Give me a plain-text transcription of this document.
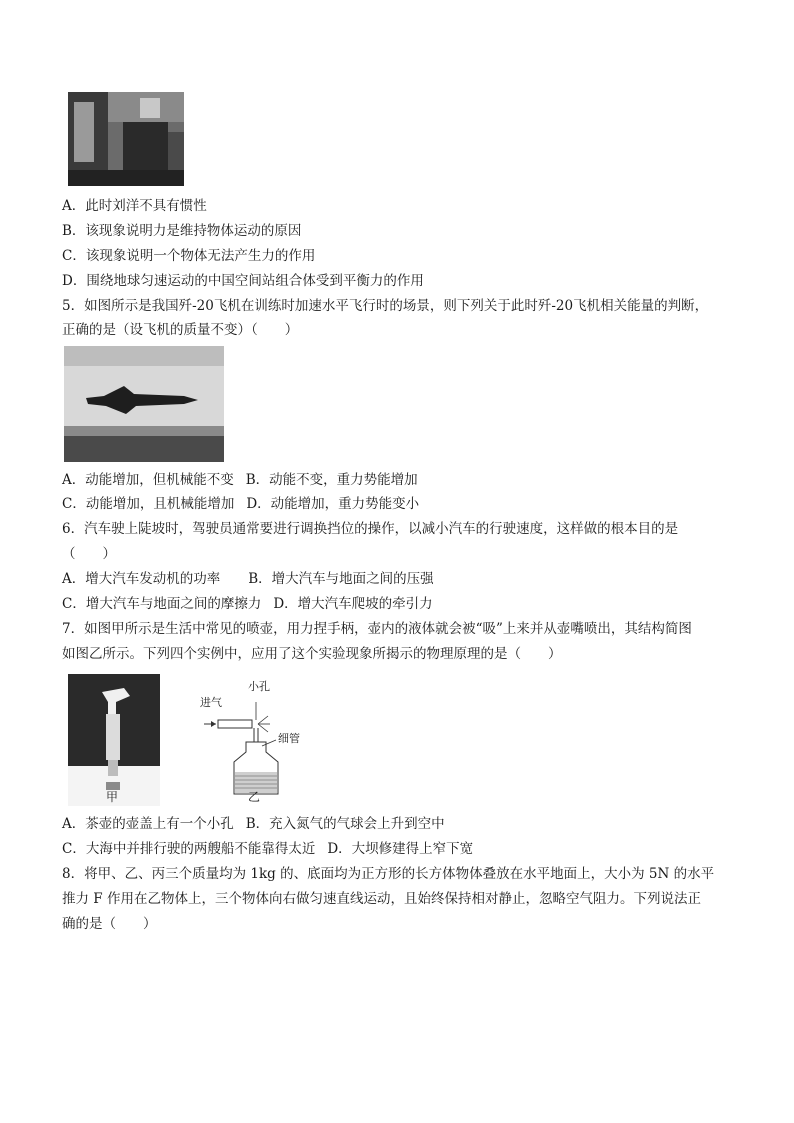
A．此时刘洋不具有惯性
B．该现象说明力是维持物体运动的原因
C．该现象说明一个物体无法产生力的作用
D．围绕地球匀速运动的中国空间站组合体受到平衡力的作用
5．如图所示是我国歼-20飞机在训练时加速水平飞行时的场景，则下列关于此时歼-20飞机相关能量的判断，
正确的是（设飞机的质量不变）（　　）
A．动能增加，但机械能不变 B．动能不变，重力势能增加
C．动能增加，且机械能增加 D．动能增加，重力势能变小
6．汽车驶上陡坡时，驾驶员通常要进行调换挡位的操作，以减小汽车的行驶速度，这样做的根本目的是
（　　）
A．增大汽车发动机的功率 B．增大汽车与地面之间的压强
C．增大汽车与地面之间的摩擦力 D．增大汽车爬坡的牵引力
7．如图甲所示是生活中常见的喷壶，用力捏手柄，壶内的液体就会被“吸”上来并从壶嘴喷出，其结构简图
如图乙所示。下列四个实例中，应用了这个实验现象所揭示的物理原理的是（　　）
甲
进气
小孔
细管
乙
A．茶壶的壶盖上有一个小孔 B．充入氮气的气球会上升到空中
C．大海中并排行驶的两艘船不能靠得太近 D．大坝修建得上窄下宽
8．将甲、乙、丙三个质量均为 1kg 的、底面均为正方形的长方体物体叠放在水平地面上，大小为 5N 的水平
推力 F 作用在乙物体上，三个物体向右做匀速直线运动，且始终保持相对静止，忽略空气阻力。下列说法正
确的是（　　）
